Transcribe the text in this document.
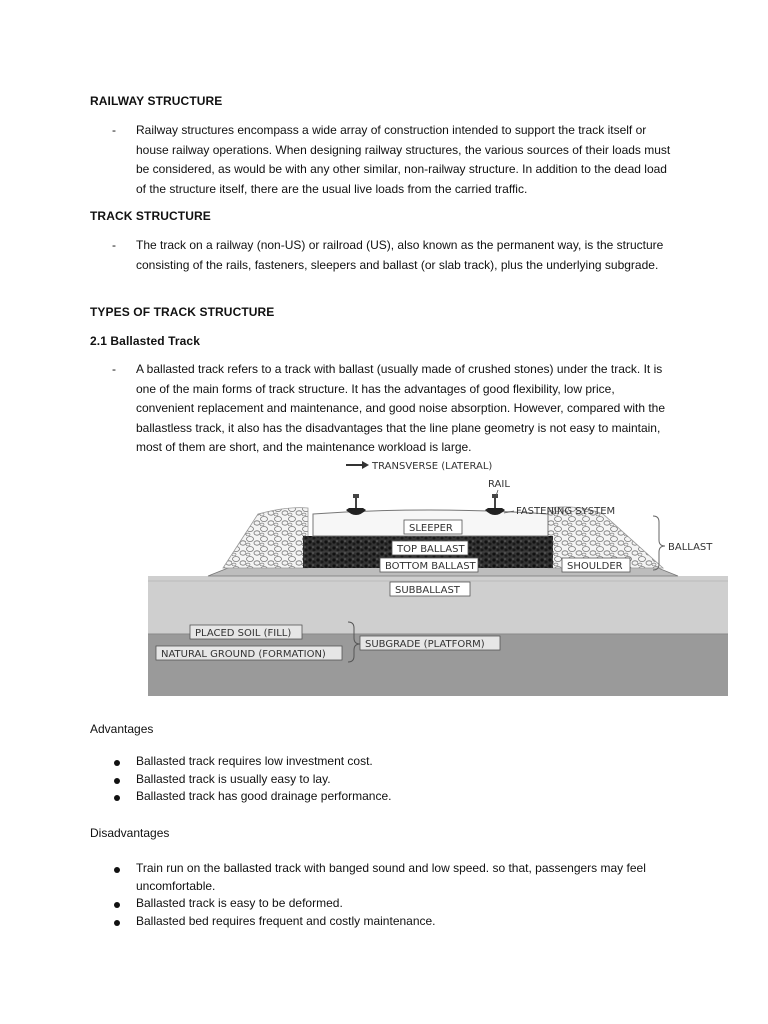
RAILWAY STRUCTURE
- Railway structures encompass a wide array of construction intended to support the track itself or house railway operations. When designing railway structures, the various sources of their loads must be considered, as would be with any other similar, non-railway structure. In addition to the dead load of the structure itself, there are the usual live loads from the carried traffic.
TRACK STRUCTURE
- The track on a railway (non-US) or railroad (US), also known as the permanent way, is the structure consisting of the rails, fasteners, sleepers and ballast (or slab track), plus the underlying subgrade.
TYPES OF TRACK STRUCTURE
2.1 Ballasted Track
- A ballasted track refers to a track with ballast (usually made of crushed stones) under the track. It is one of the main forms of track structure. It has the advantages of good flexibility, low price, convenient replacement and maintenance, and good noise absorption. However, compared with the ballastless track, it also has the disadvantages that the line plane geometry is not easy to maintain, most of them are short, and the maintenance workload is large.
TRANSVERSE (LATERAL)
RAIL
FASTENING SYSTEM
SLEEPER
TOP BALLAST
BOTTOM BALLAST	SHOULDER
BALLAST
SUBBALLAST
PLACED SOIL (FILL)
NATURAL GROUND (FORMATION)
SUBGRADE (PLATFORM)
Advantages
Ballasted track requires low investment cost.
Ballasted track is usually easy to lay.
Ballasted track has good drainage performance.
Disadvantages
Train run on the ballasted track with banged sound and low speed. so that, passengers may feel uncomfortable.
Ballasted track is easy to be deformed.
Ballasted bed requires frequent and costly maintenance.
